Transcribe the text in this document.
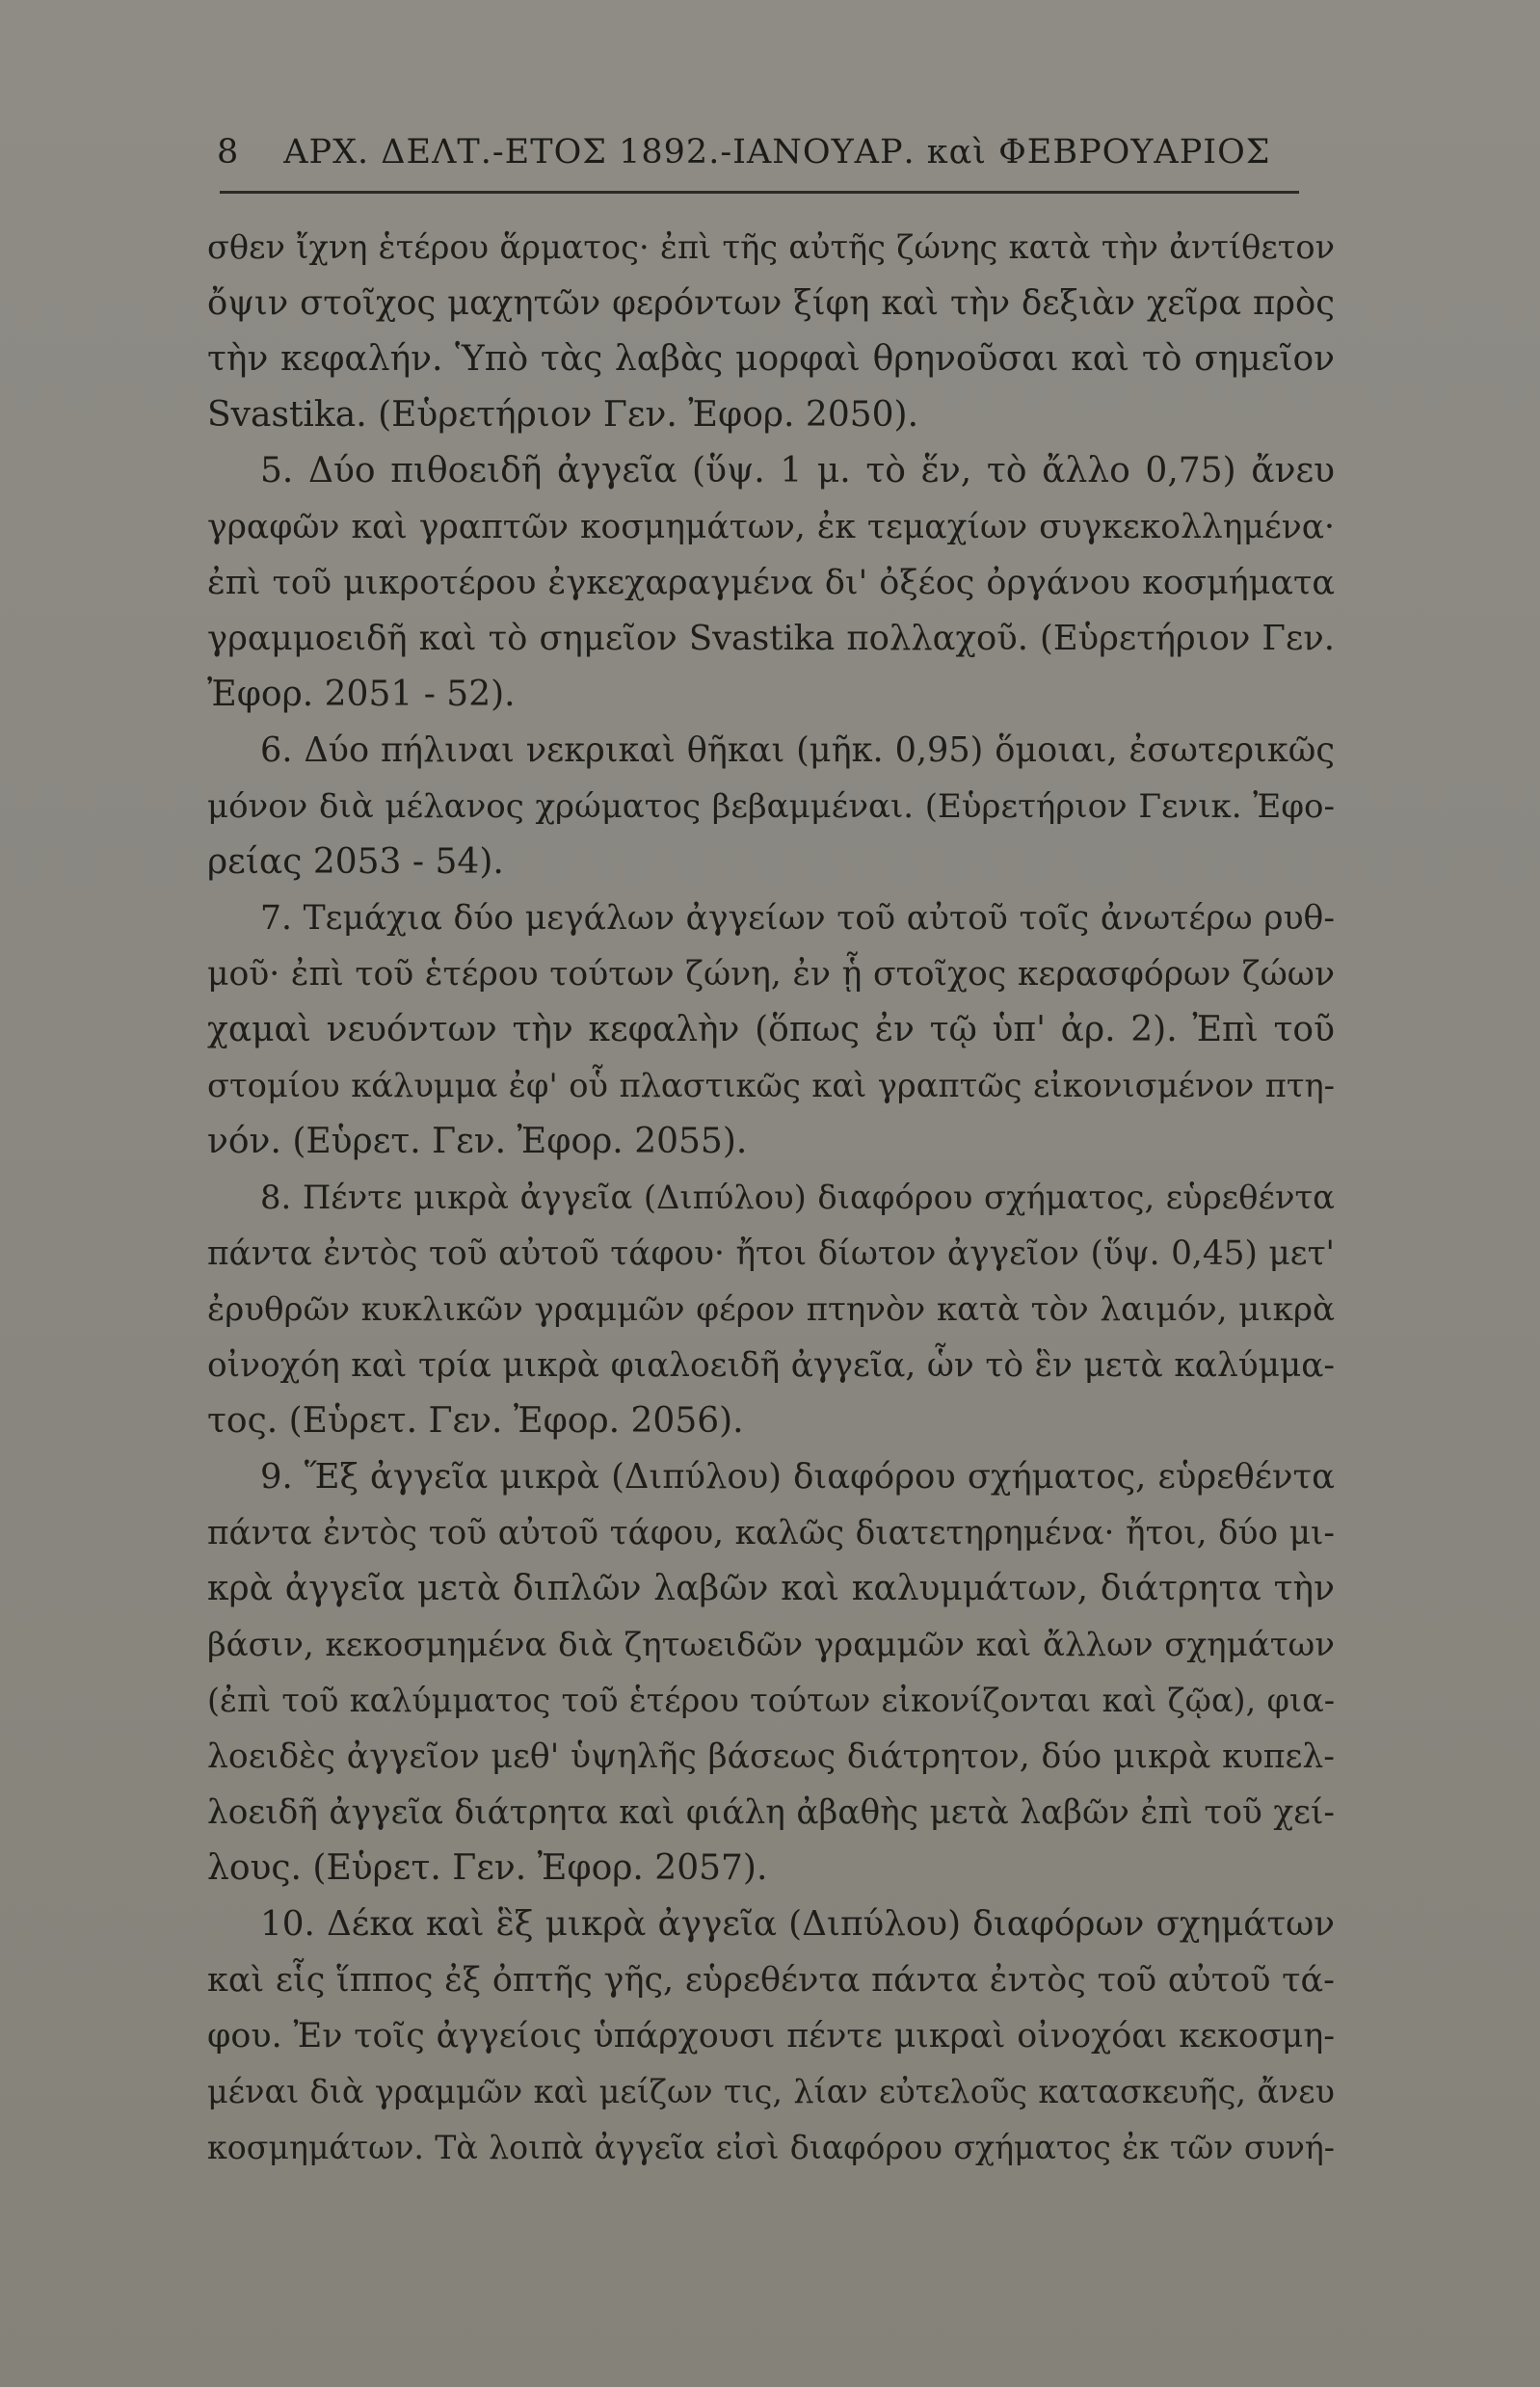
8 ΑΡΧ. ΔΕΛΤ.-ΕΤΟΣ 1892.-ΙΑΝΟΥΑΡ. καὶ ΦΕΒΡΟΥΑΡΙΟΣ
σθεν ἴχνη ἑτέρου ἅρματος· ἐπὶ τῆς αὐτῆς ζώνης κατὰ τὴν ἀντίθετον
ὄψιν στοῖχος μαχητῶν φερόντων ξίφη καὶ τὴν δεξιὰν χεῖρα πρὸς
τὴν κεφαλήν. Ὑπὸ τὰς λαβὰς μορφαὶ θρηνοῦσαι καὶ τὸ σημεῖον
Svastika. (Εὑρετήριον Γεν. Ἐφορ. 2050).
5. Δύο πιθοειδῆ ἀγγεῖα (ὕψ. 1 μ. τὸ ἕν, τὸ ἄλλο 0,75) ἄνευ
γραφῶν καὶ γραπτῶν κοσμημάτων, ἐκ τεμαχίων συγκεκολλημένα·
ἐπὶ τοῦ μικροτέρου ἐγκεχαραγμένα δι' ὀξέος ὀργάνου κοσμήματα
γραμμοειδῆ καὶ τὸ σημεῖον Svastika πολλαχοῦ. (Εὑρετήριον Γεν.
Ἐφορ. 2051 - 52).
6. Δύο πήλιναι νεκρικαὶ θῆκαι (μῆκ. 0,95) ὅμοιαι, ἐσωτερικῶς
μόνον διὰ μέλανος χρώματος βεβαμμέναι. (Εὑρετήριον Γενικ. Ἐφο-
ρείας 2053 - 54).
7. Τεμάχια δύο μεγάλων ἀγγείων τοῦ αὐτοῦ τοῖς ἀνωτέρω ρυθ-
μοῦ· ἐπὶ τοῦ ἑτέρου τούτων ζώνη, ἐν ᾗ στοῖχος κερασφόρων ζώων
χαμαὶ νευόντων τὴν κεφαλὴν (ὅπως ἐν τῷ ὑπ' ἀρ. 2). Ἐπὶ τοῦ
στομίου κάλυμμα ἐφ' οὗ πλαστικῶς καὶ γραπτῶς εἰκονισμένον πτη-
νόν. (Εὑρετ. Γεν. Ἐφορ. 2055).
8. Πέντε μικρὰ ἀγγεῖα (Διπύλου) διαφόρου σχήματος, εὑρεθέντα
πάντα ἐντὸς τοῦ αὐτοῦ τάφου· ἤτοι δίωτον ἀγγεῖον (ὕψ. 0,45) μετ'
ἐρυθρῶν κυκλικῶν γραμμῶν φέρον πτηνὸν κατὰ τὸν λαιμόν, μικρὰ
οἰνοχόη καὶ τρία μικρὰ φιαλοειδῆ ἀγγεῖα, ὧν τὸ ἓν μετὰ καλύμμα-
τος. (Εὑρετ. Γεν. Ἐφορ. 2056).
9. Ἕξ ἀγγεῖα μικρὰ (Διπύλου) διαφόρου σχήματος, εὑρεθέντα
πάντα ἐντὸς τοῦ αὐτοῦ τάφου, καλῶς διατετηρημένα· ἤτοι, δύο μι-
κρὰ ἀγγεῖα μετὰ διπλῶν λαβῶν καὶ καλυμμάτων, διάτρητα τὴν
βάσιν, κεκοσμημένα διὰ ζητωειδῶν γραμμῶν καὶ ἄλλων σχημάτων
(ἐπὶ τοῦ καλύμματος τοῦ ἑτέρου τούτων εἰκονίζονται καὶ ζῷα), φια-
λοειδὲς ἀγγεῖον μεθ' ὑψηλῆς βάσεως διάτρητον, δύο μικρὰ κυπελ-
λοειδῆ ἀγγεῖα διάτρητα καὶ φιάλη ἀβαθὴς μετὰ λαβῶν ἐπὶ τοῦ χεί-
λους. (Εὑρετ. Γεν. Ἐφορ. 2057).
10. Δέκα καὶ ἓξ μικρὰ ἀγγεῖα (Διπύλου) διαφόρων σχημάτων
καὶ εἷς ἵππος ἐξ ὀπτῆς γῆς, εὑρεθέντα πάντα ἐντὸς τοῦ αὐτοῦ τά-
φου. Ἐν τοῖς ἀγγείοις ὑπάρχουσι πέντε μικραὶ οἰνοχόαι κεκοσμη-
μέναι διὰ γραμμῶν καὶ μείζων τις, λίαν εὐτελοῦς κατασκευῆς, ἄνευ
κοσμημάτων. Τὰ λοιπὰ ἀγγεῖα εἰσὶ διαφόρου σχήματος ἐκ τῶν συνή-
